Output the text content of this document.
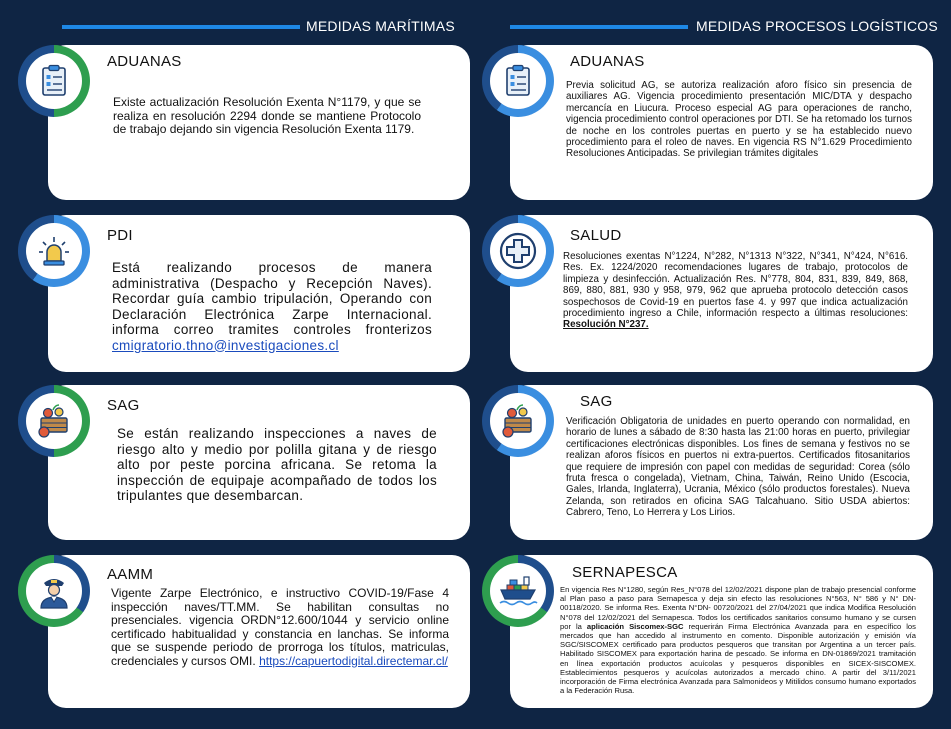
MEDIDAS MARÍTIMAS	MEDIDAS PROCESOS LOGÍSTICOS
ADUANAS
Existe actualización Resolución Exenta N°1179, y que se realiza en resolución 2294 donde se mantiene Protocolo de trabajo dejando sin vigencia Resolución Exenta 1179.
PDI
Está realizando procesos de manera administrativa (Despacho y Recepción Naves). Recordar guía cambio tripulación, Operando con Declaración Electrónica Zarpe Internacional. informa correo tramites controles fronterizos cmigratorio.thno@investigaciones.cl
SAG
Se están realizando inspecciones a naves de riesgo alto y medio por polilla gitana y de riesgo alto por peste porcina africana. Se retoma la inspección de equipaje acompañado de todos los tripulantes que desembarcan.
AAMM
Vigente Zarpe Electrónico, e instructivo COVID-19/Fase 4 inspección naves/TT.MM. Se habilitan consultas no presenciales. vigencia ORDN°12.600/1044 y servicio online certificado habitualidad y constancia en lanchas. Se informa que se suspende periodo de prorroga los títulos, matriculas, credenciales y cursos OMI. https://capuertodigital.directemar.cl/
ADUANAS
Previa solicitud AG, se autoriza realización aforo físico sin presencia de auxiliares AG. Vigencia procedimiento presentación MIC/DTA y despacho mercancía en Liucura. Proceso especial AG para operaciones de rancho, vigencia procedimiento control operaciones por DTI. Se ha retomado los turnos de noche en los controles puertas en puerto y se ha establecido nuevo procedimiento para el roleo de naves. En vigencia RS N°1.629 Procedimiento Resoluciones Anticipadas. Se privilegian trámites digitales
SALUD
Resoluciones exentas N°1224, N°282, N°1313 N°322, N°341, N°424, N°616. Res. Ex. 1224/2020 recomendaciones lugares de trabajo, protocolos de limpieza y desinfección. Actualización Res. N°778, 804, 831, 839, 849, 868, 869, 880, 881, 930 y 958, 979, 962 que aprueba protocolo detección casos sospechosos de Covid-19 en puertos fase 4. y 997 que indica actualización procedimiento ingreso a Chile, información respecto a últimas resoluciones: Resolución N°237.
SAG
Verificación Obligatoria de unidades en puerto operando con normalidad, en horario de lunes a sábado de 8:30 hasta las 21:00 horas en puerto, privilegiar certificaciones electrónicas disponibles. Los fines de semana y festivos no se realizan aforos físicos en puertos ni extra-puertos. Certificados fitosanitarios que requiere de impresión con papel con medidas de seguridad: Corea (sólo fruta fresca o congelada), Vietnam, China, Taiwán, Reino Unido (Escocia, Gales, Irlanda, Inglaterra), Ucrania, México (sólo productos forestales). Nueva Zelanda, son retirados en oficina SAG Talcahuano. Sitio USDA abiertos: Cabrero, Teno, Lo Herrera y Los Lirios.
SERNAPESCA
En vigencia Res N°1280, según Res_N°078 del 12/02/2021 dispone plan de trabajo presencial conforme al Plan paso a paso para Sernapesca y deja sin efecto las resoluciones N°563, N° 586 y N° DN- 00118/2020. Se informa Res. Exenta N°DN- 00720/2021 del 27/04/2021 que indica Modifica Resolución N°078 del 12/02/2021 del Sernapesca. Todos los certificados sanitarios consumo humano y se cursen por la aplicación Siscomex-SGC requerirán Firma Electrónica Avanzada para en específico los mercados que han accedido al instrumento en comento. Disponible autorización y emisión vía SGC/SISCOMEX certificado para productos pesqueros que transitan por Argentina a un tercer país. Habilitado SISCOMEX para exportación harina de pescado. Se informa en DN-01869/2021 tramitación en línea exportación productos acuícolas y pesqueros disponibles en SICEX-SISCOMEX. Establecimientos pesqueros y acuícolas autorizados a mercado chino. A partir del 3/11/2021 incorporación de Firma electrónica Avanzada para Salmonideos y Mitilidos consumo humano exportados a la Federación Rusa.
